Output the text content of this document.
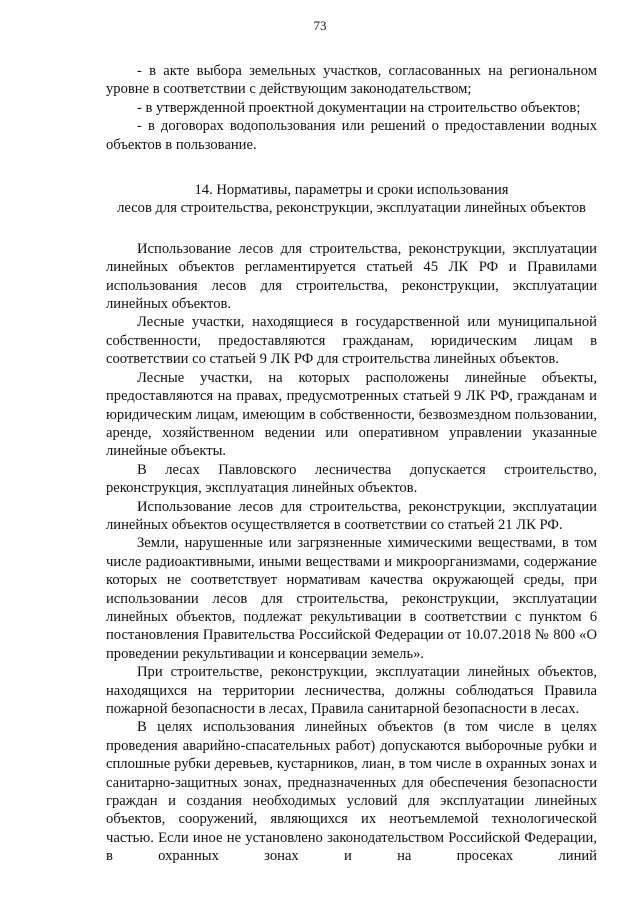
73

- в акте выбора земельных участков, согласованных на региональном уровне в соответствии с действующим законодательством;

- в утвержденной проектной документации на строительство объектов;

- в договорах водопользования или решений о предоставлении водных объектов в пользование.

14. Нормативы, параметры и сроки использования
лесов для строительства, реконструкции, эксплуатации линейных объектов

Использование лесов для строительства, реконструкции, эксплуатации линейных объектов регламентируется статьей 45 ЛК РФ и Правилами использования лесов для строительства, реконструкции, эксплуатации линейных объектов.

Лесные участки, находящиеся в государственной или муниципальной собственности, предоставляются гражданам, юридическим лицам в соответствии со статьей 9 ЛК РФ для строительства линейных объектов.

Лесные участки, на которых расположены линейные объекты, предоставляются на правах, предусмотренных статьей 9 ЛК РФ, гражданам и юридическим лицам, имеющим в собственности, безвозмездном пользовании, аренде, хозяйственном ведении или оперативном управлении указанные линейные объекты.

В лесах Павловского лесничества допускается строительство, реконструкция, эксплуатация линейных объектов.

Использование лесов для строительства, реконструкции, эксплуатации линейных объектов осуществляется в соответствии со статьей 21 ЛК РФ.

Земли, нарушенные или загрязненные химическими веществами, в том числе радиоактивными, иными веществами и микроорганизмами, содержание которых не соответствует нормативам качества окружающей среды, при использовании лесов для строительства, реконструкции, эксплуатации линейных объектов, подлежат рекультивации в соответствии с пунктом 6 постановления Правительства Российской Федерации от 10.07.2018 № 800 «О проведении рекультивации и консервации земель».

При строительстве, реконструкции, эксплуатации линейных объектов, находящихся на территории лесничества, должны соблюдаться Правила пожарной безопасности в лесах, Правила санитарной безопасности в лесах.

В целях использования линейных объектов (в том числе в целях проведения аварийно-спасательных работ) допускаются выборочные рубки и сплошные рубки деревьев, кустарников, лиан, в том числе в охранных зонах и санитарно-защитных зонах, предназначенных для обеспечения безопасности граждан и создания необходимых условий для эксплуатации линейных объектов, сооружений, являющихся их неотъемлемой технологической частью. Если иное не установлено законодательством Российской Федерации, в охранных зонах и на просеках линий
